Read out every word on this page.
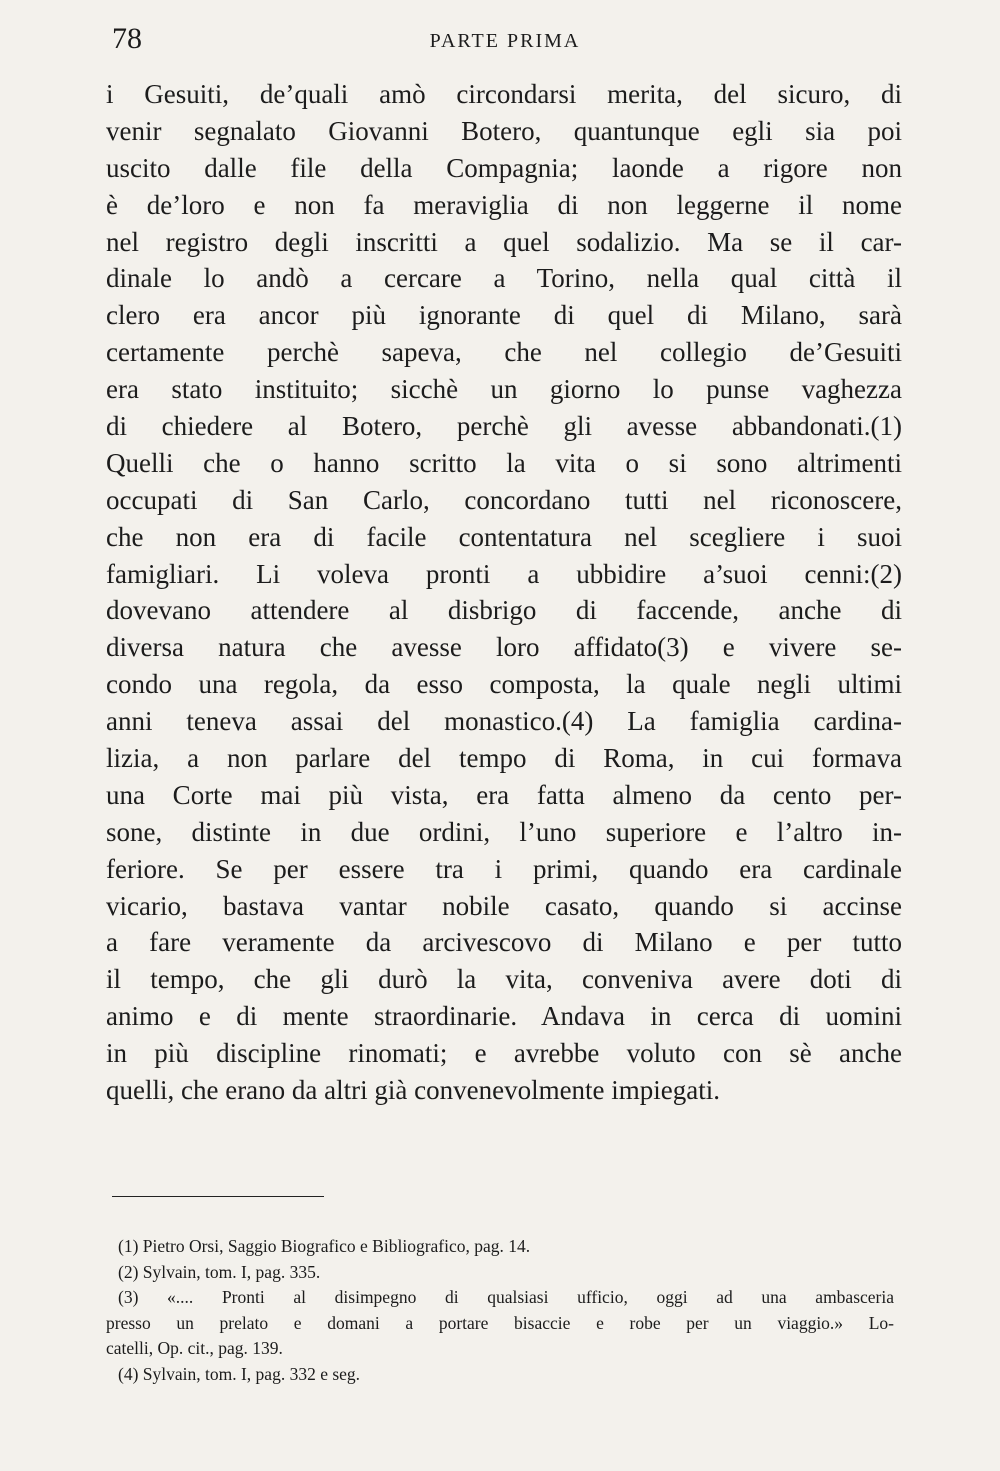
78	PARTE PRIMA
i Gesuiti, de’quali amò circondarsi merita, del sicuro, di
venir segnalato Giovanni Botero, quantunque egli sia poi
uscito dalle file della Compagnia; laonde a rigore non
è de’loro e non fa meraviglia di non leggerne il nome
nel registro degli inscritti a quel sodalizio. Ma se il car-
dinale lo andò a cercare a Torino, nella qual città il
clero era ancor più ignorante di quel di Milano, sarà
certamente perchè sapeva, che nel collegio de’Gesuiti
era stato instituito; sicchè un giorno lo punse vaghezza
di chiedere al Botero, perchè gli avesse abbandonati.(1)
Quelli che o hanno scritto la vita o si sono altrimenti
occupati di San Carlo, concordano tutti nel riconoscere,
che non era di facile contentatura nel scegliere i suoi
famigliari. Li voleva pronti a ubbidire a’suoi cenni:(2)
dovevano attendere al disbrigo di faccende, anche di
diversa natura che avesse loro affidato(3) e vivere se-
condo una regola, da esso composta, la quale negli ultimi
anni teneva assai del monastico.(4) La famiglia cardina-
lizia, a non parlare del tempo di Roma, in cui formava
una Corte mai più vista, era fatta almeno da cento per-
sone, distinte in due ordini, l’uno superiore e l’altro in-
feriore. Se per essere tra i primi, quando era cardinale
vicario, bastava vantar nobile casato, quando si accinse
a fare veramente da arcivescovo di Milano e per tutto
il tempo, che gli durò la vita, conveniva avere doti di
animo e di mente straordinarie. Andava in cerca di uomini
in più discipline rinomati; e avrebbe voluto con sè anche
quelli, che erano da altri già convenevolmente impiegati.
(1) Pietro Orsi, Saggio Biografico e Bibliografico, pag. 14.
(2) Sylvain, tom. I, pag. 335.
(3) «.... Pronti al disimpegno di qualsiasi ufficio, oggi ad una ambasceria
presso un prelato e domani a portare bisaccie e robe per un viaggio.» Lo-
catelli, Op. cit., pag. 139.
(4) Sylvain, tom. I, pag. 332 e seg.
